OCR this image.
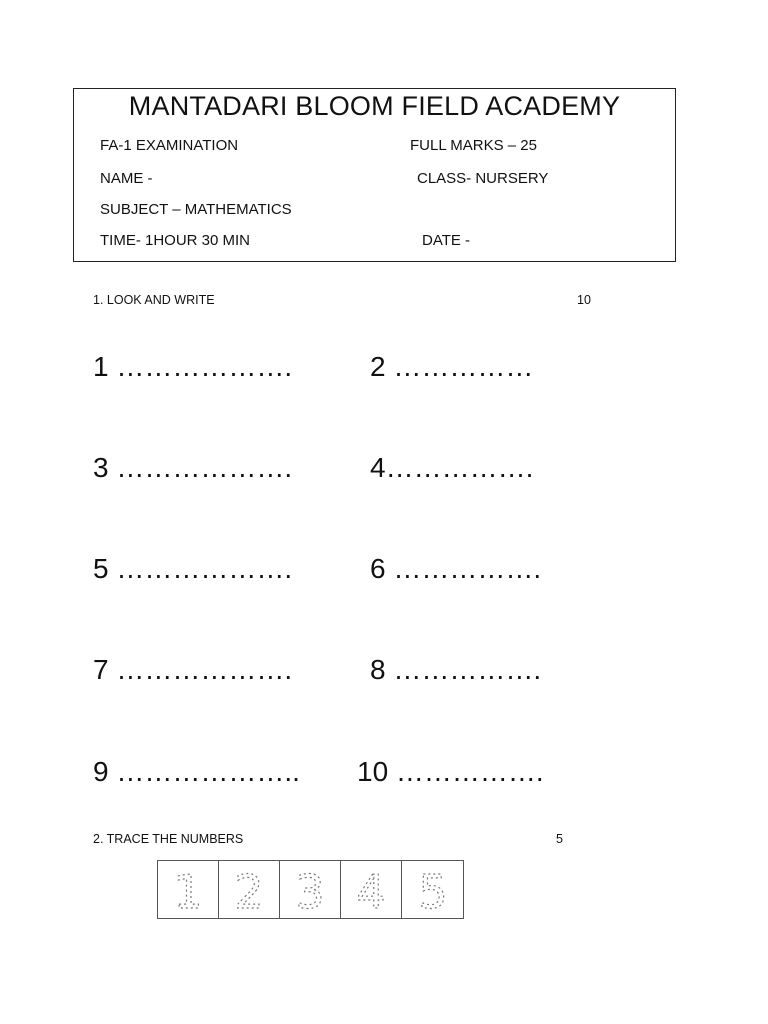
MANTADARI BLOOM FIELD ACADEMY
FA-1 EXAMINATION	FULL MARKS – 25
NAME -	CLASS- NURSERY
SUBJECT – MATHEMATICS
TIME- 1HOUR 30 MIN	DATE -
1. LOOK AND WRITE	10
1 ……………….	2 ……………
3 ……………….	4…………….
5 ……………….	6 …………….
7 ……………….	8 …………….
9 ……………….. 10 …………….
2. TRACE THE NUMBERS	5
1 2 3 4 5
